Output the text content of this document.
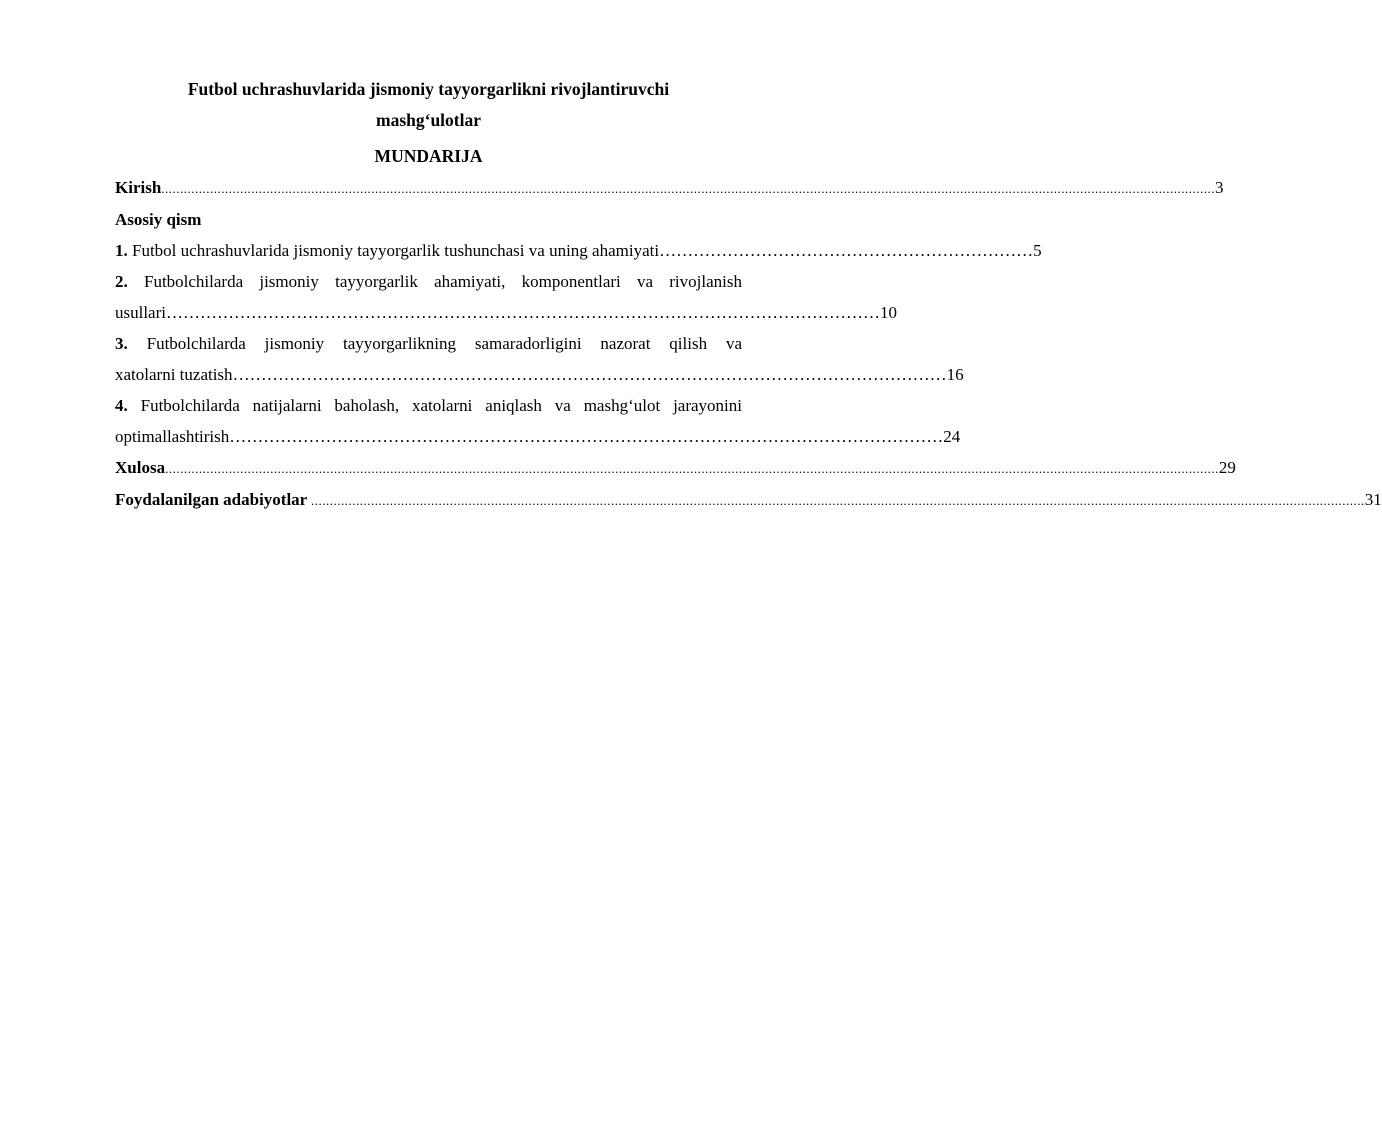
Futbol uchrashuvlarida jismoniy tayyorgarlikni rivojlantiruvchi

mashg‘ulotlar

MUNDARIJA

Kirish ......................................................................................................................................................................................................................................................................................... 3

Asosiy qism

1. Futbol uchrashuvlarida jismoniy tayyorgarlik tushunchasi va uning ahamiyati ………………………………………………………… 5

2. Futbolchilarda jismoniy tayyorgarlik ahamiyati, komponentlari va rivojlanish

usullari ……………………………………………………………………………………………………………… 10

3. Futbolchilarda jismoniy tayyorgarlikning samaradorligini nazorat qilish va

xatolarni tuzatish ……………………………………………………………………………………………………………… 16

4. Futbolchilarda natijalarni baholash, xatolarni aniqlash va mashg‘ulot jarayonini

optimallashtirish ……………………………………………………………………………………………………………… 24
Xulosa ......................................................................................................................................................................................................................................................................................... 29
Foydalanilgan adabiyotlar ......................................................................................................................................................................................................................................................................................... 31
